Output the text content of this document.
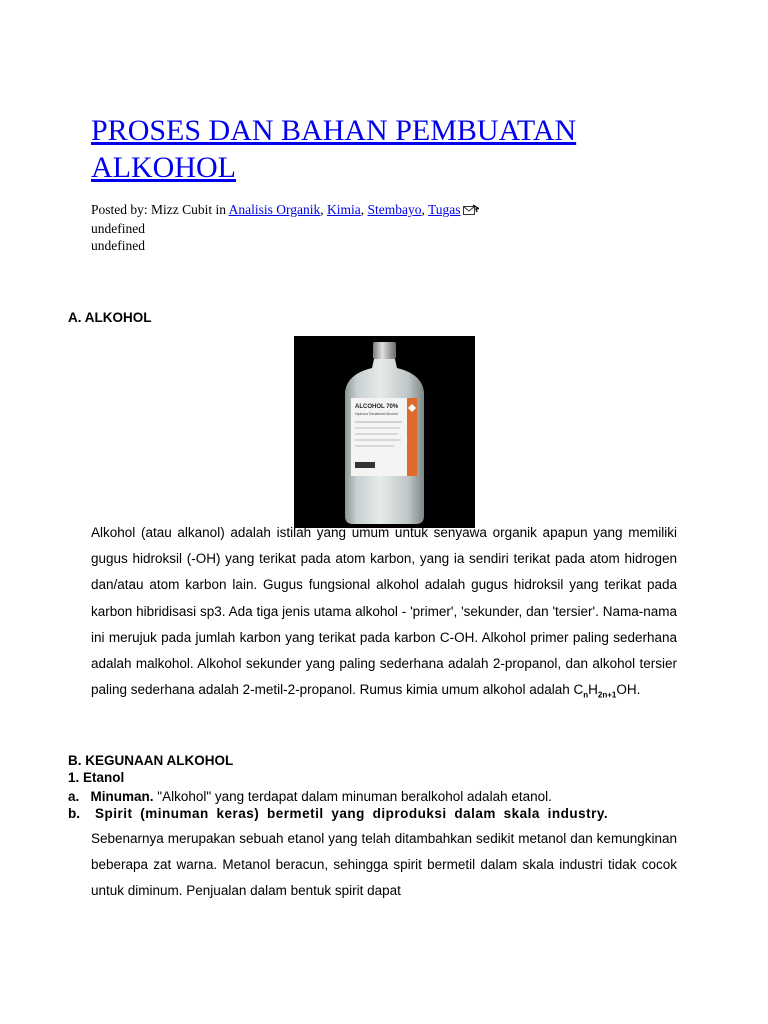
PROSES DAN BAHAN PEMBUATAN ALKOHOL
Posted by: Mizz Cubit in Analisis Organik, Kimia, Stembayo, Tugas
undefined
undefined
A. ALKOHOL
ALCOHOL 70%
Hydrous Denatured Alcohol

Alkohol (atau alkanol) adalah istilah yang umum untuk senyawa organik apapun yang memiliki gugus hidroksil (-OH) yang terikat pada atom karbon, yang ia sendiri terikat pada atom hidrogen dan/atau atom karbon lain. Gugus fungsional alkohol adalah gugus hidroksil yang terikat pada karbon hibridisasi sp3. Ada tiga jenis utama alkohol - 'primer', 'sekunder, dan 'tersier'. Nama-nama ini merujuk pada jumlah karbon yang terikat pada karbon C-OH. Alkohol primer paling sederhana adalah malkohol. Alkohol sekunder yang paling sederhana adalah 2-propanol, dan alkohol tersier paling sederhana adalah 2-metil-2-propanol. Rumus kimia umum alkohol adalah $C_nH_{2n+1}OH$.

B. KEGUNAAN ALKOHOL
1. Etanol
a. Minuman. "Alkohol" yang terdapat dalam minuman beralkohol adalah etanol.
b. Spirit (minuman keras) bermetil yang diproduksi dalam skala industry.

Sebenarnya merupakan sebuah etanol yang telah ditambahkan sedikit metanol dan kemungkinan beberapa zat warna. Metanol beracun, sehingga spirit bermetil dalam skala industri tidak cocok untuk diminum. Penjualan dalam bentuk spirit dapat
